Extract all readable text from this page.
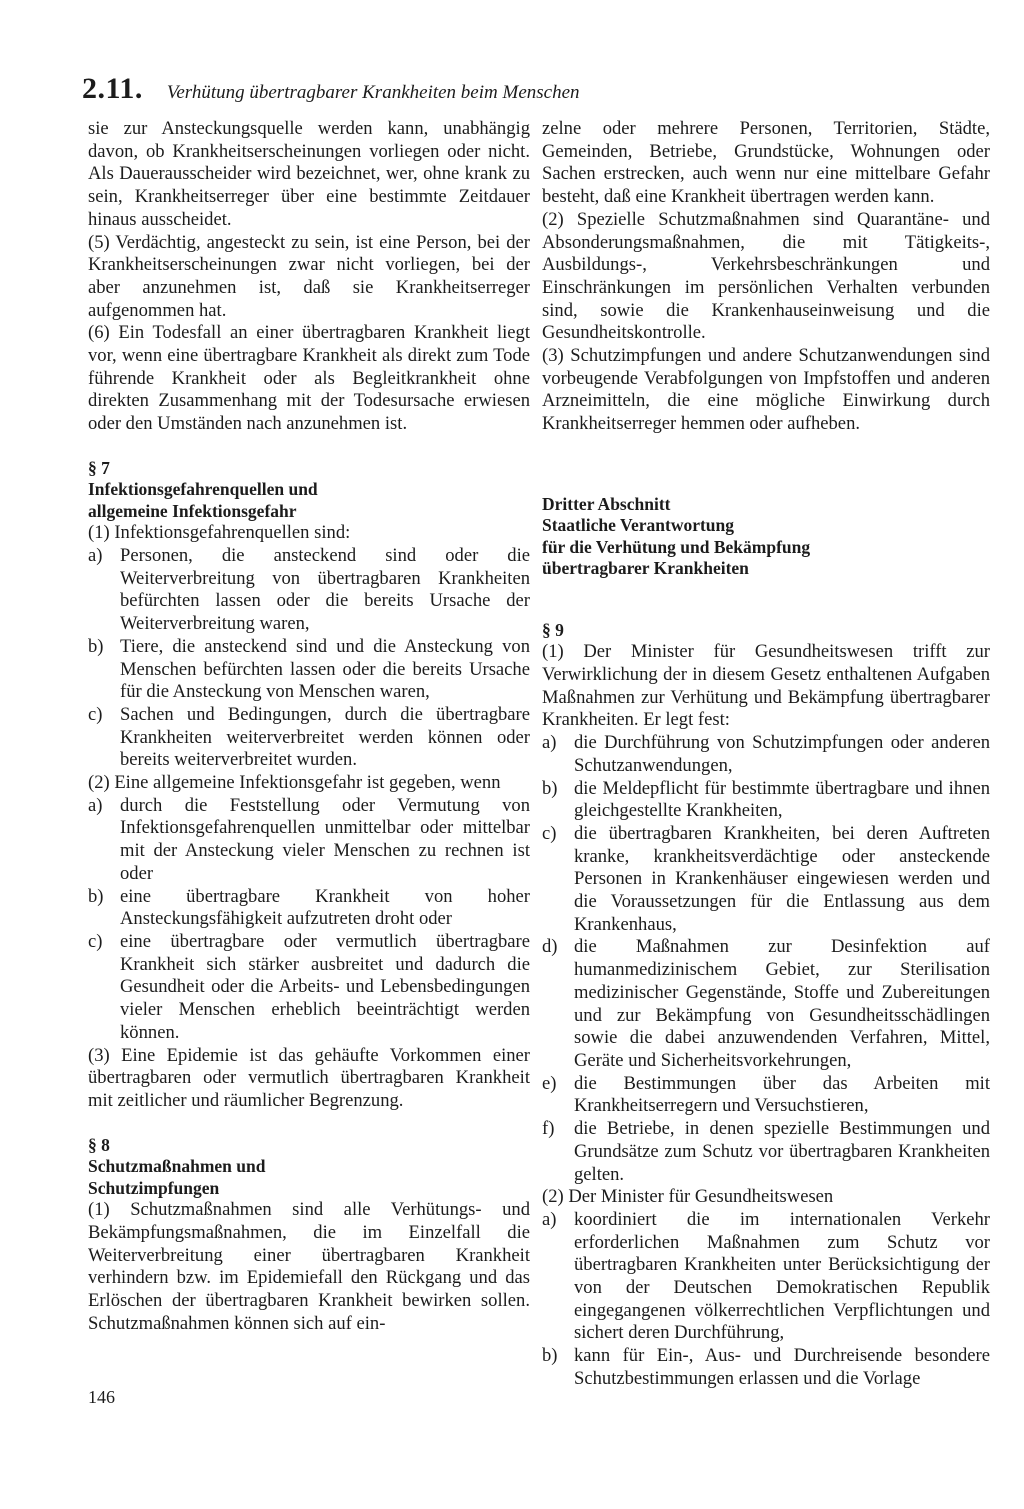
2.11. Verhütung übertragbarer Krankheiten beim Menschen

sie zur Ansteckungsquelle werden kann, unabhängig davon, ob Krankheitserscheinungen vorliegen oder nicht. Als Dauerausscheider wird bezeichnet, wer, ohne krank zu sein, Krankheitserreger über eine bestimmte Zeitdauer hinaus ausscheidet.

(5) Verdächtig, angesteckt zu sein, ist eine Person, bei der Krankheitserscheinungen zwar nicht vorliegen, bei der aber anzunehmen ist, daß sie Krankheitserreger aufgenommen hat.

(6) Ein Todesfall an einer übertragbaren Krankheit liegt vor, wenn eine übertragbare Krankheit als direkt zum Tode führende Krankheit oder als Begleitkrankheit ohne direkten Zusammenhang mit der Todesursache erwiesen oder den Umständen nach anzunehmen ist.

§ 7
Infektionsgefahrenquellen und
allgemeine Infektionsgefahr

(1) Infektionsgefahrenquellen sind:

a) Personen, die ansteckend sind oder die Weiterverbreitung von übertragbaren Krankheiten befürchten lassen oder die bereits Ursache der Weiterverbreitung waren,
b) Tiere, die ansteckend sind und die Ansteckung von Menschen befürchten lassen oder die bereits Ursache für die Ansteckung von Menschen waren,
c) Sachen und Bedingungen, durch die übertragbare Krankheiten weiterverbreitet werden können oder bereits weiterverbreitet wurden.

(2) Eine allgemeine Infektionsgefahr ist gegeben, wenn

a) durch die Feststellung oder Vermutung von Infektionsgefahrenquellen unmittelbar oder mittelbar mit der Ansteckung vieler Menschen zu rechnen ist oder
b) eine übertragbare Krankheit von hoher Ansteckungsfähigkeit aufzutreten droht oder
c) eine übertragbare oder vermutlich übertragbare Krankheit sich stärker ausbreitet und dadurch die Gesundheit oder die Arbeits- und Lebensbedingungen vieler Menschen erheblich beeinträchtigt werden können.

(3) Eine Epidemie ist das gehäufte Vorkommen einer übertragbaren oder vermutlich übertragbaren Krankheit mit zeitlicher und räumlicher Begrenzung.

§ 8
Schutzmaßnahmen und
Schutzimpfungen

(1) Schutzmaßnahmen sind alle Verhütungs- und Bekämpfungsmaßnahmen, die im Einzelfall die Weiterverbreitung einer übertragbaren Krankheit verhindern bzw. im Epidemiefall den Rückgang und das Erlöschen der übertragbaren Krankheit bewirken sollen. Schutzmaßnahmen können sich auf ein-

zelne oder mehrere Personen, Territorien, Städte, Gemeinden, Betriebe, Grundstücke, Wohnungen oder Sachen erstrecken, auch wenn nur eine mittelbare Gefahr besteht, daß eine Krankheit übertragen werden kann.

(2) Spezielle Schutzmaßnahmen sind Quarantäne- und Absonderungsmaßnahmen, die mit Tätigkeits-, Ausbildungs-, Verkehrsbeschränkungen und Einschränkungen im persönlichen Verhalten verbunden sind, sowie die Krankenhauseinweisung und die Gesundheitskontrolle.

(3) Schutzimpfungen und andere Schutzanwendungen sind vorbeugende Verabfolgungen von Impfstoffen und anderen Arzneimitteln, die eine mögliche Einwirkung durch Krankheitserreger hemmen oder aufheben.

Dritter Abschnitt
Staatliche Verantwortung
für die Verhütung und Bekämpfung
übertragbarer Krankheiten
§ 9

(1) Der Minister für Gesundheitswesen trifft zur Verwirklichung der in diesem Gesetz enthaltenen Aufgaben Maßnahmen zur Verhütung und Bekämpfung übertragbarer Krankheiten. Er legt fest:

a) die Durchführung von Schutzimpfungen oder anderen Schutzanwendungen,
b) die Meldepflicht für bestimmte übertragbare und ihnen gleichgestellte Krankheiten,
c) die übertragbaren Krankheiten, bei deren Auftreten kranke, krankheitsverdächtige oder ansteckende Personen in Krankenhäuser eingewiesen werden und die Voraussetzungen für die Entlassung aus dem Krankenhaus,
d) die Maßnahmen zur Desinfektion auf humanmedizinischem Gebiet, zur Sterilisation medizinischer Gegenstände, Stoffe und Zubereitungen und zur Bekämpfung von Gesundheitsschädlingen sowie die dabei anzuwendenden Verfahren, Mittel, Geräte und Sicherheitsvorkehrungen,
e) die Bestimmungen über das Arbeiten mit Krankheitserregern und Versuchstieren,
f)	die Betriebe, in denen spezielle Bestimmungen und Grundsätze zum Schutz vor übertragbaren Krankheiten gelten.

(2) Der Minister für Gesundheitswesen

a) koordiniert die im internationalen Verkehr erforderlichen Maßnahmen zum Schutz vor übertragbaren Krankheiten unter Berücksichtigung der von der Deutschen Demokratischen Republik eingegangenen völkerrechtlichen Verpflichtungen und sichert deren Durchführung,
b) kann für Ein-, Aus- und Durchreisende besondere Schutzbestimmungen erlassen und die Vorlage
146
